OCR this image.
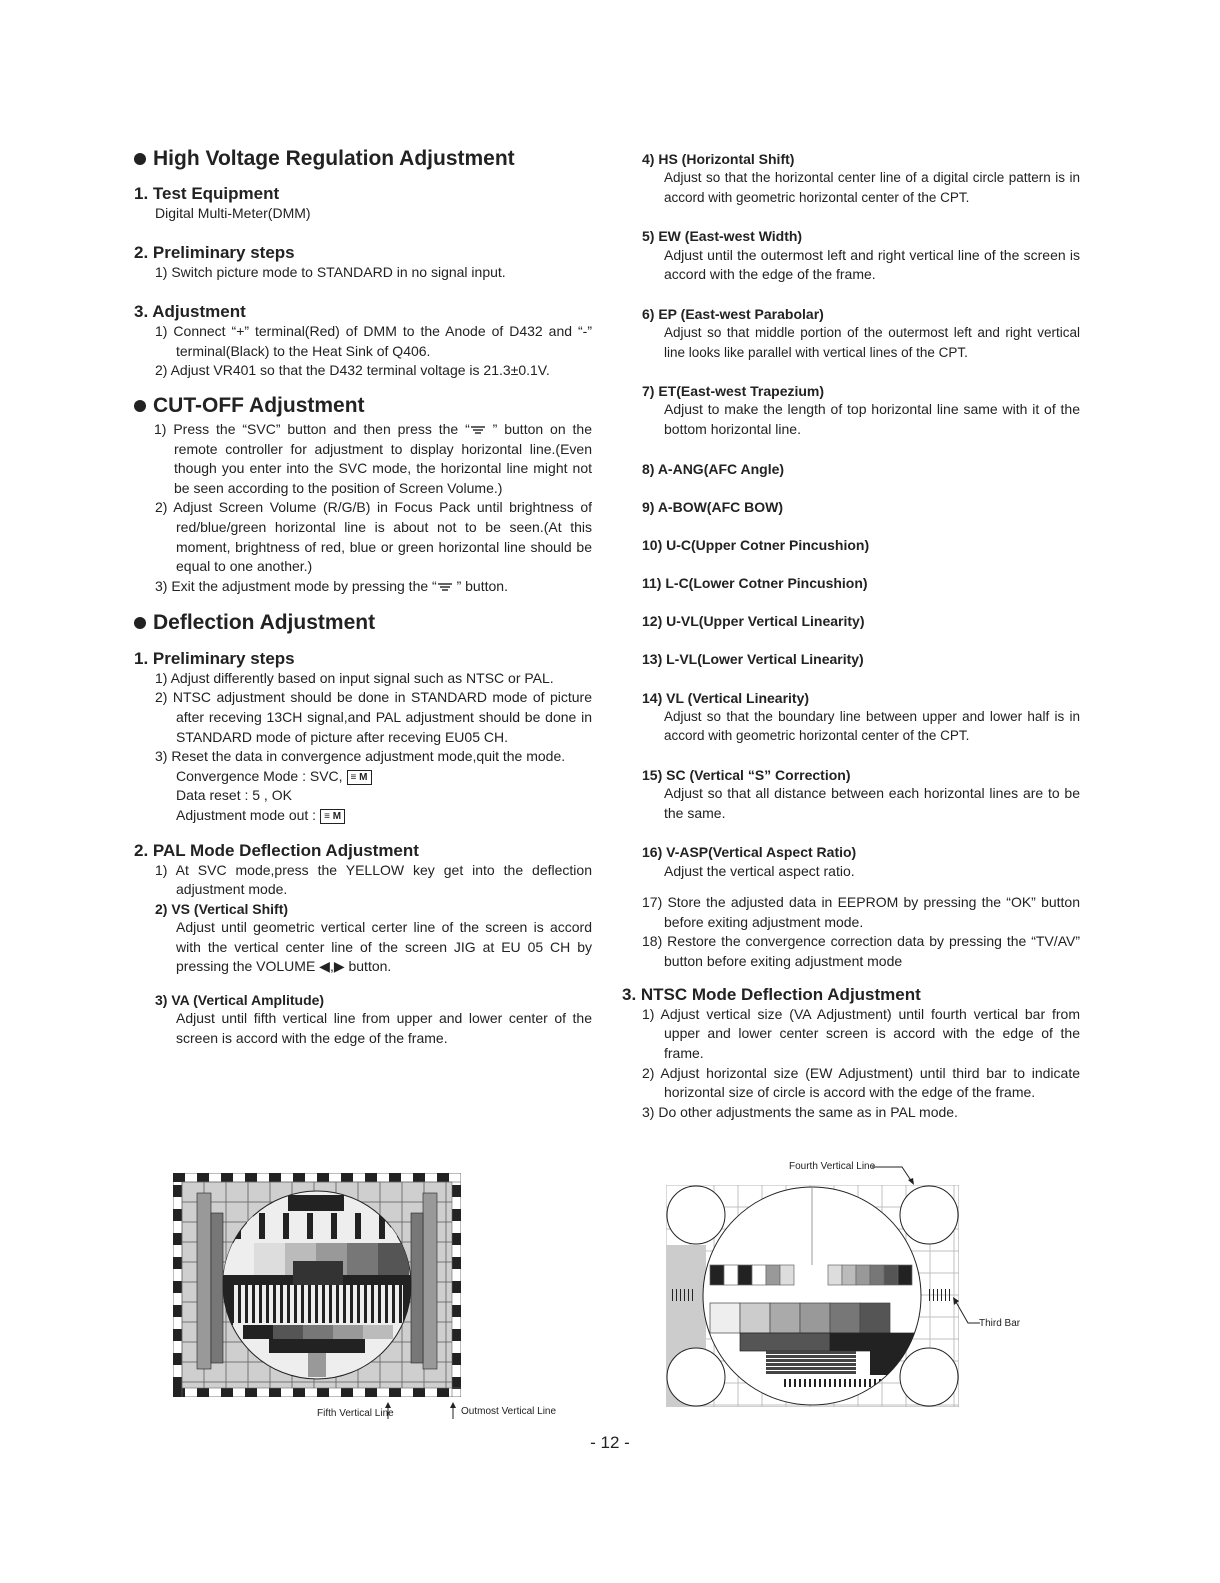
High Voltage Regulation Adjustment
1. Test Equipment
Digital Multi-Meter(DMM)
2. Preliminary steps
1) Switch picture mode to STANDARD in no signal input.
3. Adjustment
1) Connect “+” terminal(Red) of DMM to the Anode of D432 and “-” terminal(Black) to the Heat Sink of Q406.
2) Adjust VR401 so that the D432 terminal voltage is 21.3±0.1V.
CUT-OFF Adjustment
1) Press the “SVC” button and then press the “ ” button on the remote controller for adjustment to display horizontal line.(Even though you enter into the SVC mode, the horizontal line might not be seen according to the position of Screen Volume.)
2) Adjust Screen Volume (R/G/B) in Focus Pack until brightness of red/blue/green horizontal line is about not to be seen.(At this moment, brightness of red, blue or green horizontal line should be equal to one another.)
3) Exit the adjustment mode by pressing the “ ” button.
Deflection Adjustment
1. Preliminary steps
1) Adjust differently based on input signal such as NTSC or PAL.
2) NTSC adjustment should be done in STANDARD mode of picture after receving 13CH signal,and PAL adjustment should be done in STANDARD mode of picture after receving EU05 CH.
3) Reset the data in convergence adjustment mode,quit the mode.
Convergence Mode : SVC, ≡ M
Data reset : 5 , OK
Adjustment mode out : ≡ M
2. PAL Mode Deflection Adjustment
1) At SVC mode,press the YELLOW key get into the deflection adjustment mode.
2) VS (Vertical Shift)
Adjust until geometric vertical certer line of the screen is accord with the vertical center line of the screen JIG at EU 05 CH by pressing the VOLUME ◀,▶ button.
3) VA (Vertical Amplitude)
Adjust until fifth vertical line from upper and lower center of the screen is accord with the edge of the frame.
Fifth Vertical Line	Outmost Vertical Line
4) HS (Horizontal Shift)
Adjust so that the horizontal center line of a digital circle pattern is in accord with geometric horizontal center of the CPT.
5) EW (East-west Width)
Adjust until the outermost left and right vertical line of the screen is accord with the edge of the frame.
6) EP (East-west Parabolar)
Adjust so that middle portion of the outermost left and right vertical line looks like parallel with vertical lines of the CPT.
7) ET(East-west Trapezium)
Adjust to make the length of top horizontal line same with it of the bottom horizontal line.
8) A-ANG(AFC Angle)
9) A-BOW(AFC BOW)
10) U-C(Upper Cotner Pincushion)
11) L-C(Lower Cotner Pincushion)
12) U-VL(Upper Vertical Linearity)
13) L-VL(Lower Vertical Linearity)
14) VL (Vertical Linearity)
Adjust so that the boundary line between upper and lower half is in accord with geometric horizontal center of the CPT.
15) SC (Vertical “S” Correction)
Adjust so that all distance between each horizontal lines are to be the same.
16) V-ASP(Vertical Aspect Ratio)
Adjust the vertical aspect ratio.
17) Store the adjusted data in EEPROM by pressing the “OK” button before exiting adjustment mode.
18) Restore the convergence correction data by pressing the “TV/AV” button before exiting adjustment mode
3. NTSC Mode Deflection Adjustment
1) Adjust vertical size (VA Adjustment) until fourth vertical bar from upper and lower center screen is accord with the edge of the frame.
2) Adjust horizontal size (EW Adjustment) until third bar to indicate horizontal size of circle is accord with the edge of the frame.
3) Do other adjustments the same as in PAL mode.
Fourth Vertical Line
Third Bar
- 12 -
